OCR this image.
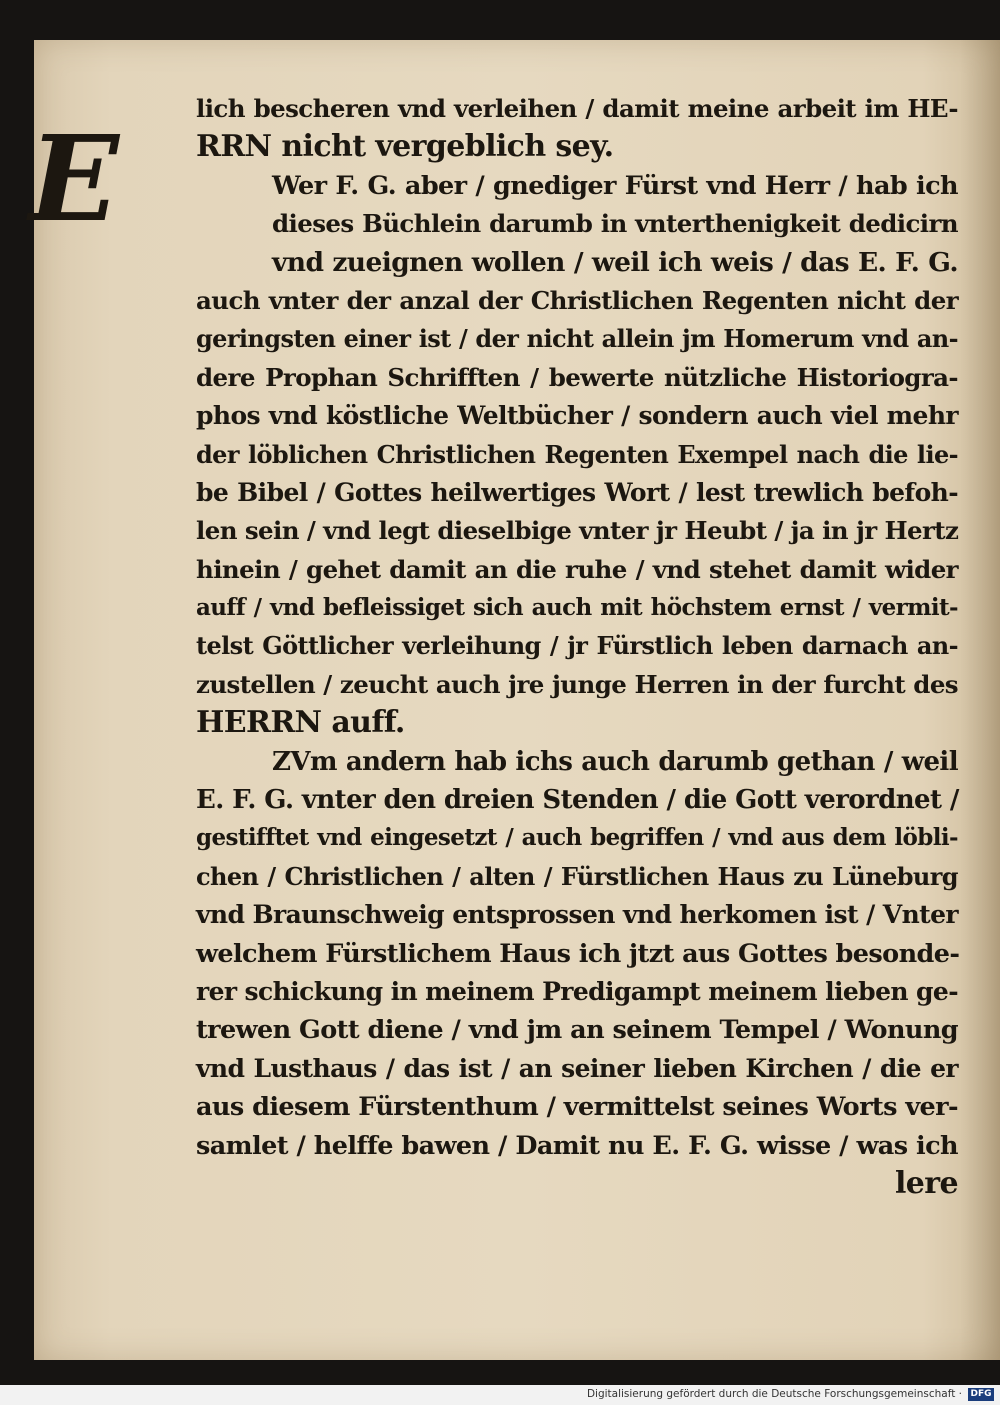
E
lich bescheren vnd verleihen / damit meine arbeit im HE-
RRN nicht vergeblich sey.
Wer F. G. aber / gnediger Fürst vnd Herr / hab ich
dieses Büchlein darumb in vnterthenigkeit dedicirn
vnd zueignen wollen / weil ich weis / das E. F. G.
auch vnter der anzal der Christlichen Regenten nicht der
geringsten einer ist / der nicht allein jm Homerum vnd an-
dere Prophan Schrifften / bewerte nützliche Historiogra-
phos vnd köstliche Weltbücher / sondern auch viel mehr
der löblichen Christlichen Regenten Exempel nach die lie-
be Bibel / Gottes heilwertiges Wort / lest trewlich befoh-
len sein / vnd legt dieselbige vnter jr Heubt / ja in jr Hertz
hinein / gehet damit an die ruhe / vnd stehet damit wider
auff / vnd befleissiget sich auch mit höchstem ernst / vermit-
telst Göttlicher verleihung / jr Fürstlich leben darnach an-
zustellen / zeucht auch jre junge Herren in der furcht des
HERRN auff.
ZVm andern hab ichs auch darumb gethan / weil
E. F. G. vnter den dreien Stenden / die Gott verordnet /
gestifftet vnd eingesetzt / auch begriffen / vnd aus dem löbli-
chen / Christlichen / alten / Fürstlichen Haus zu Lüneburg
vnd Braunschweig entsprossen vnd herkomen ist / Vnter
welchem Fürstlichem Haus ich jtzt aus Gottes besonde-
rer schickung in meinem Predigampt meinem lieben ge-
trewen Gott diene / vnd jm an seinem Tempel / Wonung
vnd Lusthaus / das ist / an seiner lieben Kirchen / die er
aus diesem Fürstenthum / vermittelst seines Worts ver-
samlet / helffe bawen / Damit nu E. F. G. wisse / was ich
lere
Digitalisierung gefördert durch die Deutsche Forschungsgemeinschaft · DFG
